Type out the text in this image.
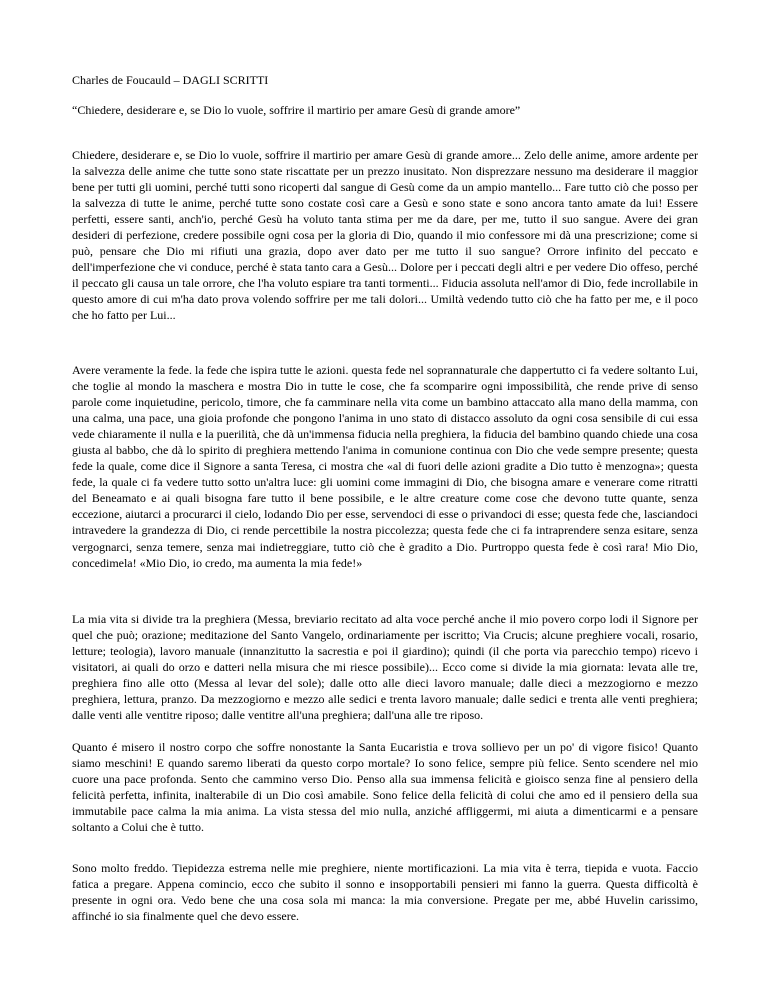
Charles de Foucauld – DAGLI SCRITTI

“Chiedere, desiderare e, se Dio lo vuole, soffrire il martirio per amare Gesù di grande amore”

Chiedere, desiderare e, se Dio lo vuole, soffrire il martirio per amare Gesù di grande amore... Zelo delle anime, amore ardente per la salvezza delle anime che tutte sono state riscattate per un prezzo inusitato. Non disprezzare nessuno ma desiderare il maggior bene per tutti gli uomini, perché tutti sono ricoperti dal sangue di Gesù come da un ampio mantello... Fare tutto ciò che posso per la salvezza di tutte le anime, perché tutte sono costate così care a Gesù e sono state e sono ancora tanto amate da lui! Essere perfetti, essere santi, anch'io, perché Gesù ha voluto tanta stima per me da dare, per me, tutto il suo sangue. Avere dei gran desideri di perfezione, credere possibile ogni cosa per la gloria di Dio, quando il mio confessore mi dà una prescrizione; come si può, pensare che Dio mi rifiuti una grazia, dopo aver dato per me tutto il suo sangue? Orrore infinito del peccato e dell'imperfezione che vi conduce, perché è stata tanto cara a Gesù... Dolore per i peccati degli altri e per vedere Dio offeso, perché il peccato gli causa un tale orrore, che l'ha voluto espiare tra tanti tormenti... Fiducia assoluta nell'amor di Dio, fede incrollabile in questo amore di cui m'ha dato prova volendo soffrire per me tali dolori... Umiltà vedendo tutto ciò che ha fatto per me, e il poco che ho fatto per Lui...

Avere veramente la fede. la fede che ispira tutte le azioni. questa fede nel soprannaturale che dappertutto ci fa vedere soltanto Lui, che toglie al mondo la maschera e mostra Dio in tutte le cose, che fa scomparire ogni impossibilità, che rende prive di senso parole come inquietudine, pericolo, timore, che fa camminare nella vita come un bambino attaccato alla mano della mamma, con una calma, una pace, una gioia profonde che pongono l'anima in uno stato di distacco assoluto da ogni cosa sensibile di cui essa vede chiaramente il nulla e la puerilità, che dà un'immensa fiducia nella preghiera, la fiducia del bambino quando chiede una cosa giusta al babbo, che dà lo spirito di preghiera mettendo l'anima in comunione continua con Dio che vede sempre presente; questa fede la quale, come dice il Signore a santa Teresa, ci mostra che «al di fuori delle azioni gradite a Dio tutto è menzogna»; questa fede, la quale ci fa vedere tutto sotto un'altra luce: gli uomini come immagini di Dio, che bisogna amare e venerare come ritratti del Beneamato e ai quali bisogna fare tutto il bene possibile, e le altre creature come cose che devono tutte quante, senza eccezione, aiutarci a procurarci il cielo, lodando Dio per esse, servendoci di esse o privandoci di esse; questa fede che, lasciandoci intravedere la grandezza di Dio, ci rende percettibile la nostra piccolezza; questa fede che ci fa intraprendere senza esitare, senza vergognarci, senza temere, senza mai indietreggiare, tutto ciò che è gradito a Dio. Purtroppo questa fede è così rara! Mio Dio, concedimela! «Mio Dio, io credo, ma aumenta la mia fede!»

La mia vita si divide tra la preghiera (Messa, breviario recitato ad alta voce perché anche il mio povero corpo lodi il Signore per quel che può; orazione; meditazione del Santo Vangelo, ordinariamente per iscritto; Via Crucis; alcune preghiere vocali, rosario, letture; teologia), lavoro manuale (innanzitutto la sacrestia e poi il giardino); quindi (il che porta via parecchio tempo) ricevo i visitatori, ai quali do orzo e datteri nella misura che mi riesce possibile)... Ecco come si divide la mia giornata: levata alle tre, preghiera fino alle otto (Messa al levar del sole); dalle otto alle dieci lavoro manuale; dalle dieci a mezzogiorno e mezzo preghiera, lettura, pranzo. Da mezzogiorno e mezzo alle sedici e trenta lavoro manuale; dalle sedici e trenta alle venti preghiera; dalle venti alle ventitre riposo; dalle ventitre all'una preghiera; dall'una alle tre riposo.

Quanto é misero il nostro corpo che soffre nonostante la Santa Eucaristia e trova sollievo per un po' di vigore fisico! Quanto siamo meschini! E quando saremo liberati da questo corpo mortale? Io sono felice, sempre più felice. Sento scendere nel mio cuore una pace profonda. Sento che cammino verso Dio. Penso alla sua immensa felicità e gioisco senza fine al pensiero della felicità perfetta, infinita, inalterabile di un Dio così amabile. Sono felice della felicità di colui che amo ed il pensiero della sua immutabile pace calma la mia anima. La vista stessa del mio nulla, anziché affliggermi, mi aiuta a dimenticarmi e a pensare soltanto a Colui che è tutto.

Sono molto freddo. Tiepidezza estrema nelle mie preghiere, niente mortificazioni. La mia vita è terra, tiepida e vuota. Faccio fatica a pregare. Appena comincio, ecco che subito il sonno e insopportabili pensieri mi fanno la guerra. Questa difficoltà è presente in ogni ora. Vedo bene che una cosa sola mi manca: la mia conversione. Pregate per me, abbé Huvelin carissimo, affinché io sia finalmente quel che devo essere.
